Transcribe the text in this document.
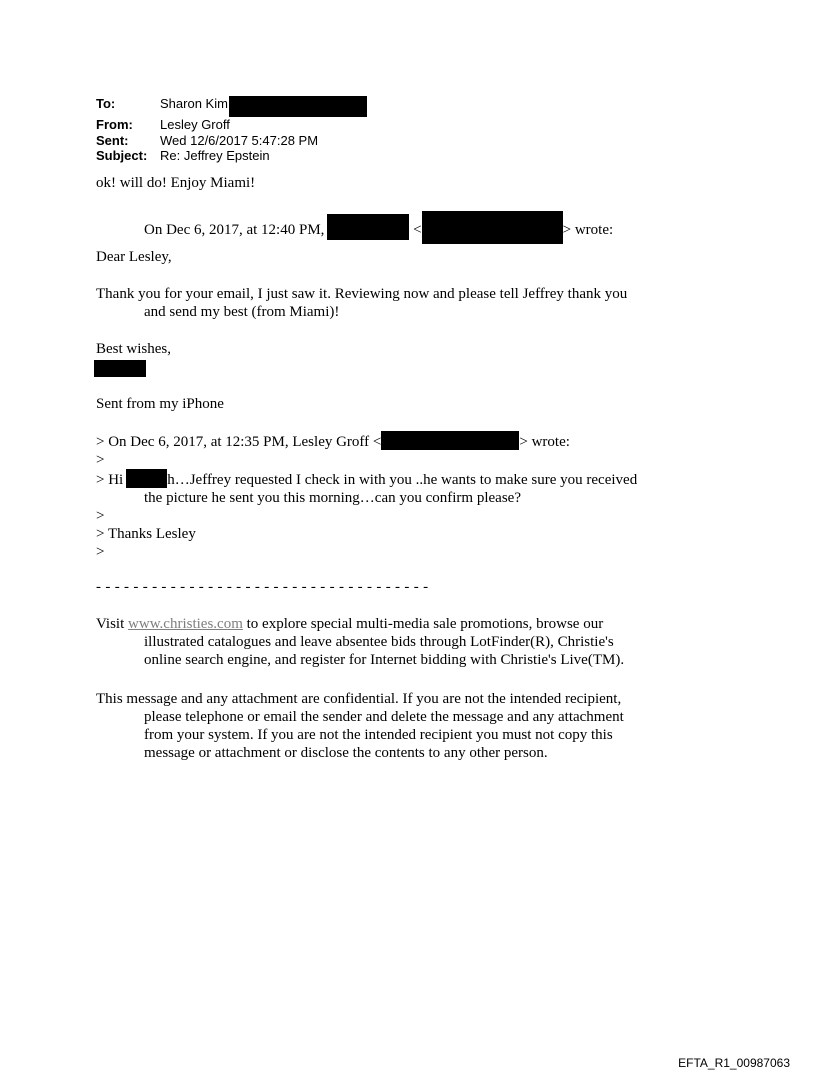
To:	Sharon Kim
From:	Lesley Groff
Sent:	Wed 12/6/2017 5:47:28 PM
Subject: Re: Jeffrey Epstein
ok! will do! Enjoy Miami!
On Dec 6, 2017, at 12:40 PM,	<	> wrote:
Dear Lesley,
Thank you for your email, I just saw it. Reviewing now and please tell Jeffrey thank you
and send my best (from Miami)!
Best wishes,
Sent from my iPhone
> On Dec 6, 2017, at 12:35 PM, Lesley Groff <	> wrote:
>
> Hi	h…Jeffrey requested I check in with you ..he wants to make sure you received
the picture he sent you this morning…can you confirm please?
>
> Thanks Lesley
>
- - - - - - - - - - - - - - - - - - - - - - - - - - - - - - - - - - - -
Visit www.christies.com to explore special multi-media sale promotions, browse our
illustrated catalogues and leave absentee bids through LotFinder(R), Christie's
online search engine, and register for Internet bidding with Christie's Live(TM).
This message and any attachment are confidential. If you are not the intended recipient,
please telephone or email the sender and delete the message and any attachment
from your system. If you are not the intended recipient you must not copy this
message or attachment or disclose the contents to any other person.
EFTA_R1_00987063
